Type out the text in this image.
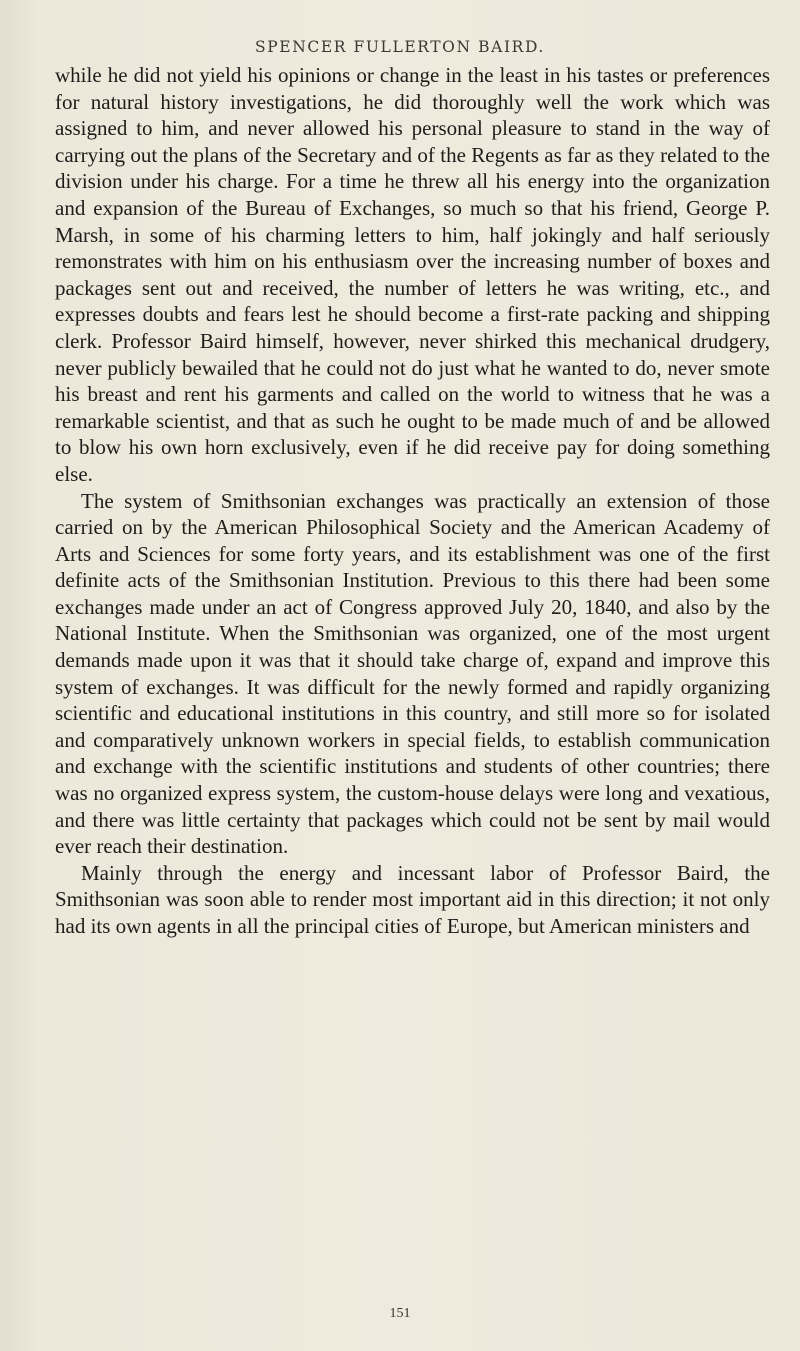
SPENCER FULLERTON BAIRD.

while he did not yield his opinions or change in the least in his tastes or preferences for natural history investigations, he did thoroughly well the work which was assigned to him, and never allowed his personal pleasure to stand in the way of carrying out the plans of the Secretary and of the Regents as far as they related to the division under his charge. For a time he threw all his energy into the organization and expansion of the Bureau of Exchanges, so much so that his friend, George P. Marsh, in some of his charming letters to him, half jokingly and half seriously remonstrates with him on his enthusiasm over the increasing number of boxes and packages sent out and received, the number of letters he was writing, etc., and expresses doubts and fears lest he should become a first-rate packing and shipping clerk. Professor Baird himself, however, never shirked this mechanical drudgery, never publicly bewailed that he could not do just what he wanted to do, never smote his breast and rent his garments and called on the world to witness that he was a remarkable scientist, and that as such he ought to be made much of and be allowed to blow his own horn exclusively, even if he did receive pay for doing something else.

The system of Smithsonian exchanges was practically an extension of those carried on by the American Philosophical Society and the American Academy of Arts and Sciences for some forty years, and its establishment was one of the first definite acts of the Smithsonian Institution. Previous to this there had been some exchanges made under an act of Congress approved July 20, 1840, and also by the National Institute. When the Smithsonian was organized, one of the most urgent demands made upon it was that it should take charge of, expand and improve this system of exchanges. It was difficult for the newly formed and rapidly organizing scientific and educational institutions in this country, and still more so for isolated and comparatively unknown workers in special fields, to establish communication and exchange with the scientific institutions and students of other countries; there was no organized express system, the custom-house delays were long and vexatious, and there was little certainty that packages which could not be sent by mail would ever reach their destination.

Mainly through the energy and incessant labor of Professor Baird, the Smithsonian was soon able to render most important aid in this direction; it not only had its own agents in all the principal cities of Europe, but American ministers and

151
